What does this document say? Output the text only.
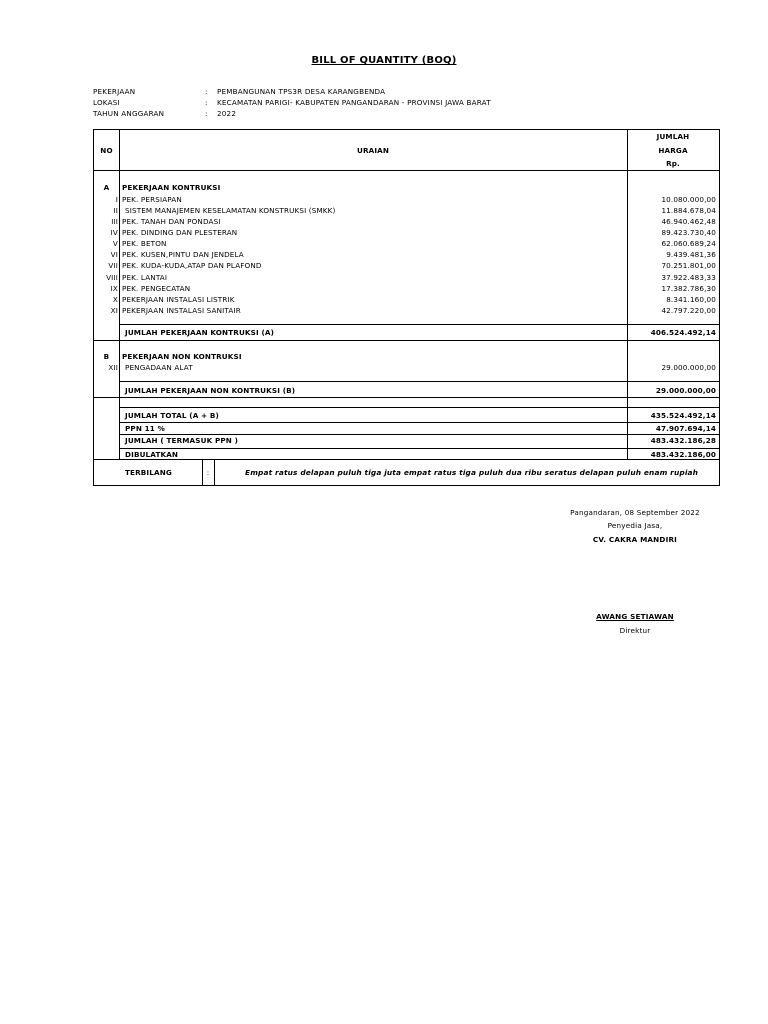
BILL OF QUANTITY (BOQ)
PEKERJAAN	: PEMBANGUNAN TPS3R DESA KARANGBENDA
LOKASI	: KECAMATAN PARIGI- KABUPATEN PANGANDARAN - PROVINSI JAWA BARAT
TAHUN ANGGARAN	: 2022
NO	URAIAN
JUMLAH
HARGA
Rp.
A	PEKERJAAN KONTRUKSI
I PEK. PERSIAPAN	10.080.000,00
II SISTEM MANAJEMEN KESELAMATAN KONSTRUKSI (SMKK)	11.884.678,04
III PEK. TANAH DAN PONDASI	46.940.462,48
IV PEK. DINDING DAN PLESTERAN	89.423.730,40
V PEK. BETON	62.060.689,24
VI PEK. KUSEN,PINTU DAN JENDELA	9.439.481,36
VII PEK. KUDA-KUDA,ATAP DAN PLAFOND	70.251.801,00
VIII PEK. LANTAI	37.922.483,33
IX PEK. PENGECATAN	17.382.786,30
X PEKERJAAN INSTALASI LISTRIK	8.341.160,00
XI PEKERJAAN INSTALASI SANITAIR	42.797.220,00
JUMLAH PEKERJAAN KONTRUKSI (A)	406.524.492,14
B	PEKERJAAN NON KONTRUKSI
XII PENGADAAN ALAT	29.000.000,00
JUMLAH PEKERJAAN NON KONTRUKSI (B)	29.000.000,00
JUMLAH TOTAL (A + B)	435.524.492,14
PPN 11 %	47.907.694,14
JUMLAH ( TERMASUK PPN )	483.432.186,28
DIBULATKAN	483.432.186,00
TERBILANG	:	Empat ratus delapan puluh tiga juta empat ratus tiga puluh dua ribu seratus delapan puluh enam rupiah
Pangandaran, 08 September 2022
Penyedia Jasa,
CV. CAKRA MANDIRI
AWANG SETIAWAN
Direktur
